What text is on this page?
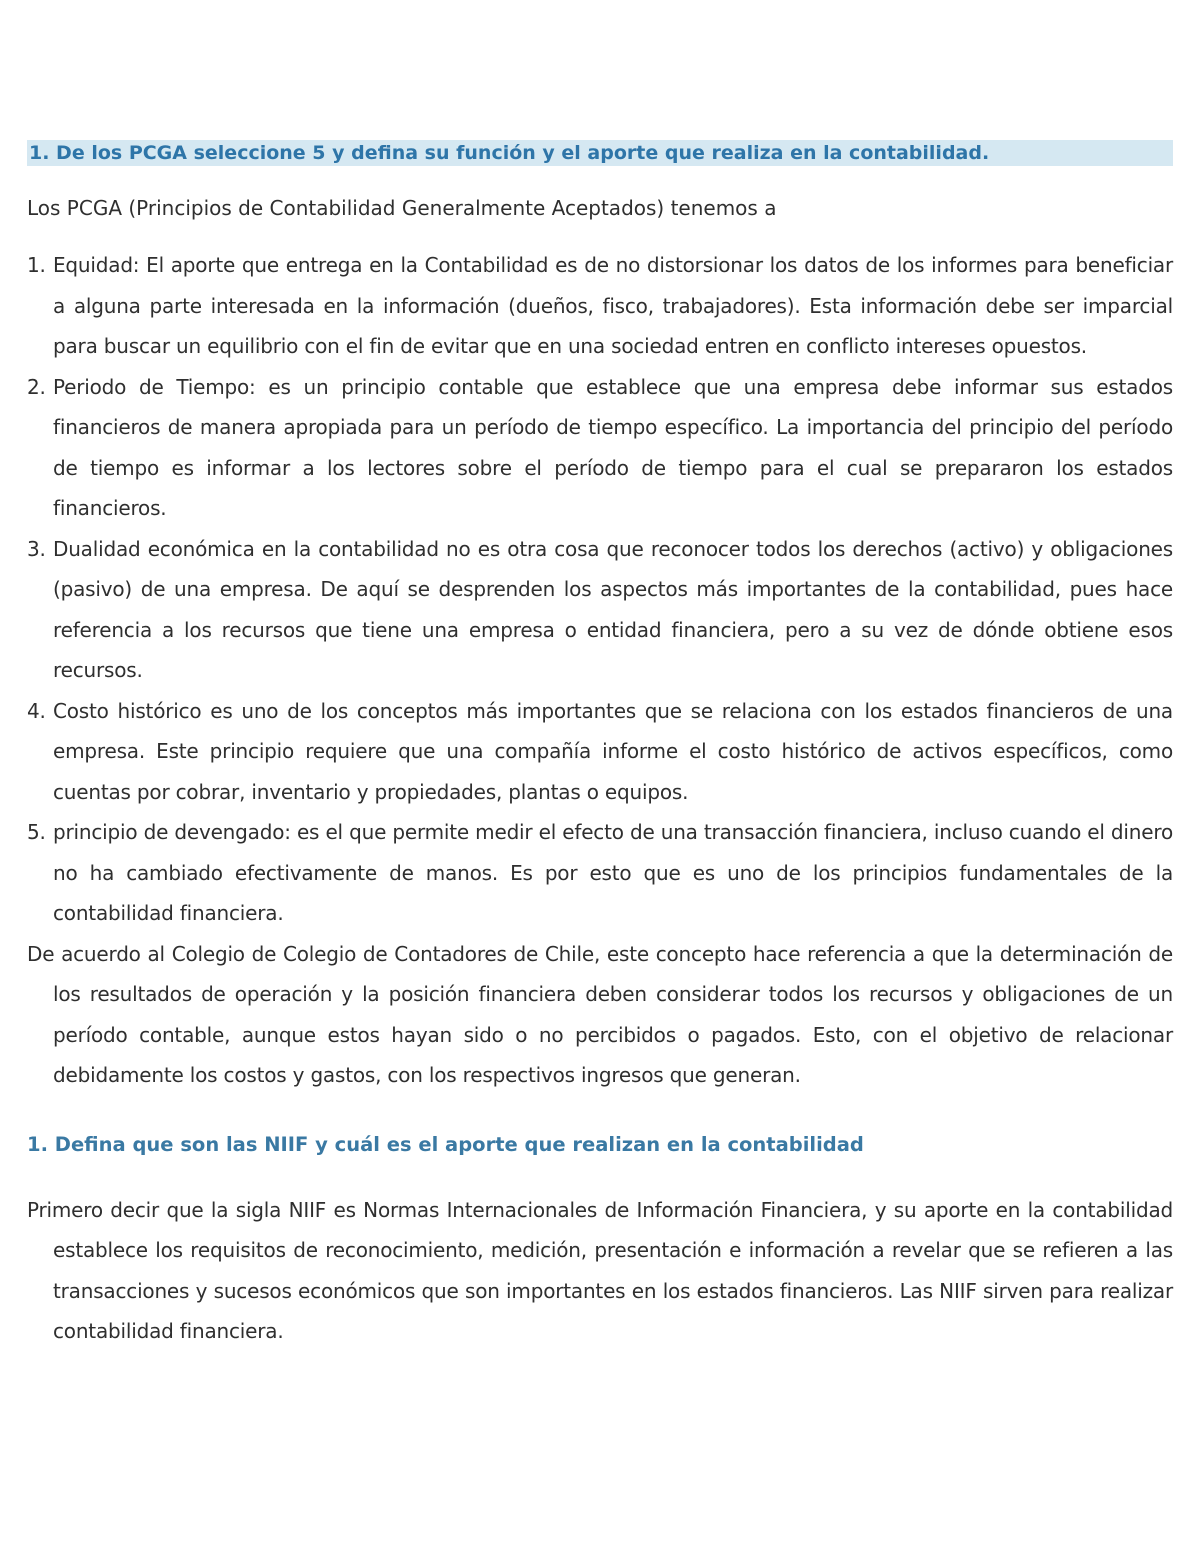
1. De los PCGA seleccione 5 y defina su función y el aporte que realiza en la contabilidad.

Los PCGA (Principios de Contabilidad Generalmente Aceptados) tenemos a

1. Equidad: El aporte que entrega en la Contabilidad es de no distorsionar los datos de los informes para beneficiar a alguna parte interesada en la información (dueños, fisco, trabajadores). Esta información debe ser imparcial para buscar un equilibrio con el fin de evitar que en una sociedad entren en conflicto intereses opuestos.
2. Periodo de Tiempo: es un principio contable que establece que una empresa debe informar sus estados financieros de manera apropiada para un período de tiempo específico. La importancia del principio del período de tiempo es informar a los lectores sobre el período de tiempo para el cual se prepararon los estados financieros.
3. Dualidad económica en la contabilidad no es otra cosa que reconocer todos los derechos (activo) y obligaciones (pasivo) de una empresa. De aquí se desprenden los aspectos más importantes de la contabilidad, pues hace referencia a los recursos que tiene una empresa o entidad financiera, pero a su vez de dónde obtiene esos recursos.
4. Costo histórico es uno de los conceptos más importantes que se relaciona con los estados financieros de una empresa. Este principio requiere que una compañía informe el costo histórico de activos específicos, como cuentas por cobrar, inventario y propiedades, plantas o equipos.
5. principio de devengado: es el que permite medir el efecto de una transacción financiera, incluso cuando el dinero no ha cambiado efectivamente de manos. Es por esto que es uno de los principios fundamentales de la contabilidad financiera.

De acuerdo al Colegio de Colegio de Contadores de Chile, este concepto hace referencia a que la determinación de los resultados de operación y la posición financiera deben considerar todos los recursos y obligaciones de un período contable, aunque estos hayan sido o no percibidos o pagados. Esto, con el objetivo de relacionar debidamente los costos y gastos, con los respectivos ingresos que generan.

1. Defina que son las NIIF y cuál es el aporte que realizan en la contabilidad

Primero decir que la sigla NIIF es Normas Internacionales de Información Financiera, y su aporte en la contabilidad establece los requisitos de reconocimiento, medición, presentación e información a revelar que se refieren a las transacciones y sucesos económicos que son importantes en los estados financieros. Las NIIF sirven para realizar contabilidad financiera.
